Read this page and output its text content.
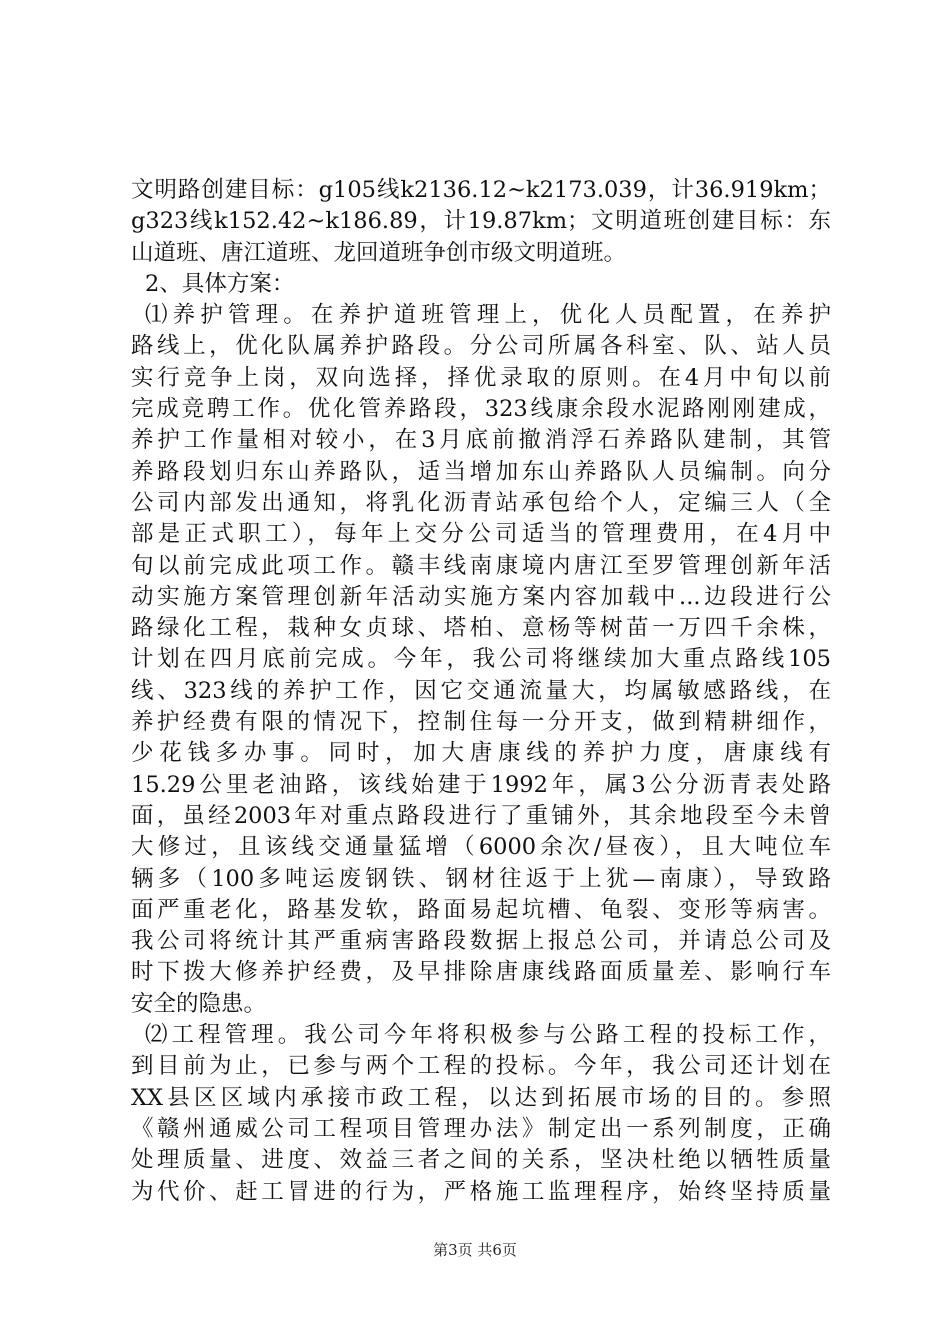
文明路创建目标：g105线k2136.12~k2173.039，计36.919km；
g323线k152.42~k186.89，计19.87km；文明道班创建目标：东
山道班、唐江道班、龙回道班争创市级文明道班。
2、具体方案：
⑴养护管理。在养护道班管理上，优化人员配置，在养护
路线上，优化队属养护路段。分公司所属各科室、队、站人员
实行竞争上岗，双向选择，择优录取的原则。在4月中旬以前
完成竞聘工作。优化管养路段，323线康余段水泥路刚刚建成，
养护工作量相对较小，在3月底前撤消浮石养路队建制，其管
养路段划归东山养路队，适当增加东山养路队人员编制。向分
公司内部发出通知，将乳化沥青站承包给个人，定编三人（全
部是正式职工），每年上交分公司适当的管理费用，在4月中
旬以前完成此项工作。赣丰线南康境内唐江至罗管理创新年活
动实施方案管理创新年活动实施方案内容加载中...边段进行公
路绿化工程，栽种女贞球、塔柏、意杨等树苗一万四千余株，
计划在四月底前完成。今年，我公司将继续加大重点路线105
线、323线的养护工作，因它交通流量大，均属敏感路线，在
养护经费有限的情况下，控制住每一分开支，做到精耕细作，
少花钱多办事。同时，加大唐康线的养护力度，唐康线有
15.29公里老油路，该线始建于1992年，属3公分沥青表处路
面，虽经2003年对重点路段进行了重铺外，其余地段至今未曾
大修过，且该线交通量猛增（6000余次/昼夜），且大吨位车
辆多（100多吨运废钢铁、钢材往返于上犹—南康），导致路
面严重老化，路基发软，路面易起坑槽、龟裂、变形等病害。
我公司将统计其严重病害路段数据上报总公司，并请总公司及
时下拨大修养护经费，及早排除唐康线路面质量差、影响行车
安全的隐患。
⑵工程管理。我公司今年将积极参与公路工程的投标工作，
到目前为止，已参与两个工程的投标。今年，我公司还计划在
XX县区区域内承接市政工程，以达到拓展市场的目的。参照
《赣州通威公司工程项目管理办法》制定出一系列制度，正确
处理质量、进度、效益三者之间的关系，坚决杜绝以牺牲质量
为代价、赶工冒进的行为，严格施工监理程序，始终坚持质量
第3页 共6页
